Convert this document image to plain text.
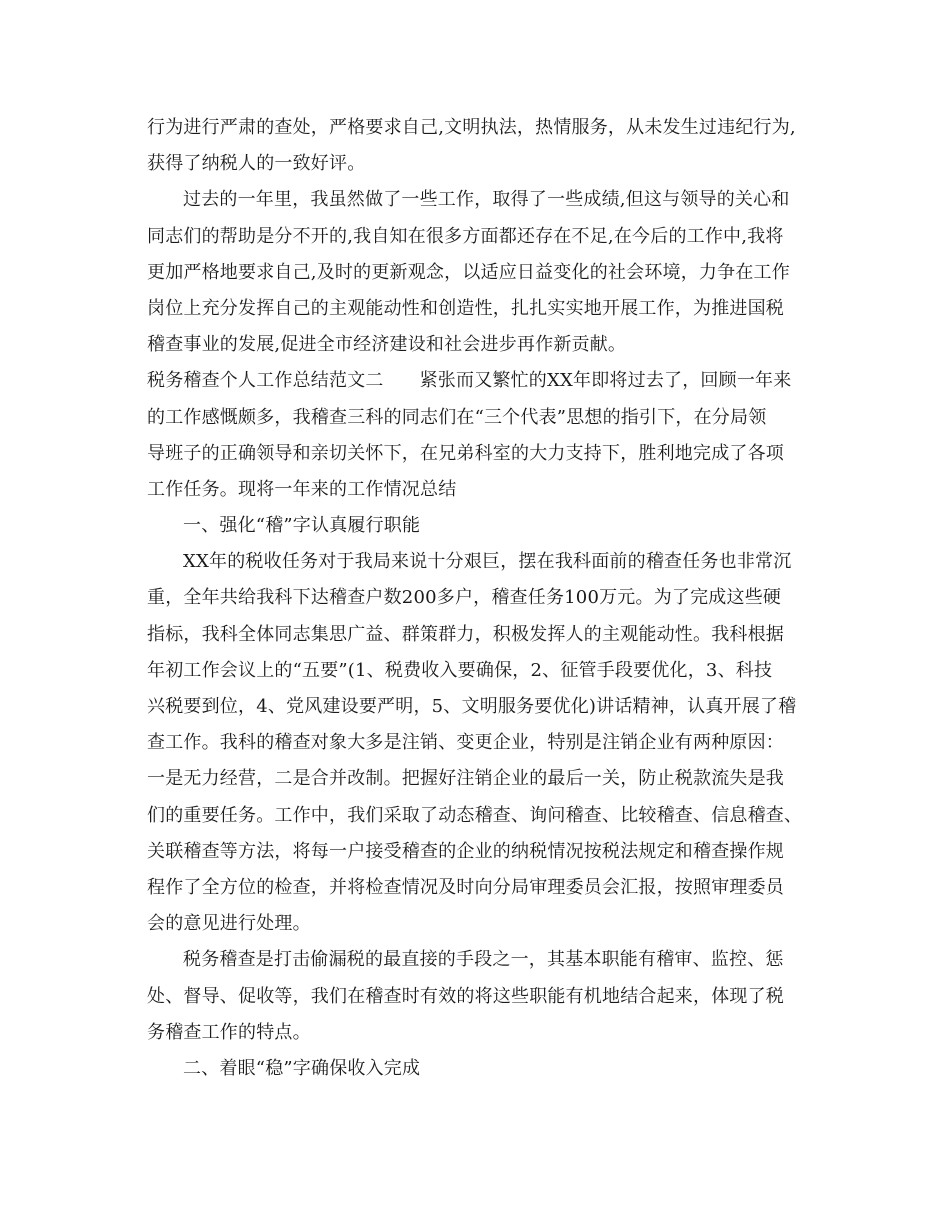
行为进行严肃的查处，严格要求自己,文明执法，热情服务，从未发生过违纪行为,
获得了纳税人的一致好评。
过去的一年里，我虽然做了一些工作，取得了一些成绩,但这与领导的关心和
同志们的帮助是分不开的,我自知在很多方面都还存在不足,在今后的工作中,我将
更加严格地要求自己,及时的更新观念，以适应日益变化的社会环境，力争在工作
岗位上充分发挥自己的主观能动性和创造性，扎扎实实地开展工作，为推进国税
稽查事业的发展,促进全市经济建设和社会进步再作新贡献。
税务稽查个人工作总结范文二 紧张而又繁忙的XX年即将过去了，回顾一年来
的工作感慨颇多，我稽查三科的同志们在“三个代表”思想的指引下，在分局领
导班子的正确领导和亲切关怀下，在兄弟科室的大力支持下，胜利地完成了各项
工作任务。现将一年来的工作情况总结
一、强化“稽”字认真履行职能
XX年的税收任务对于我局来说十分艰巨，摆在我科面前的稽查任务也非常沉
重，全年共给我科下达稽查户数200多户，稽查任务100万元。为了完成这些硬
指标，我科全体同志集思广益、群策群力，积极发挥人的主观能动性。我科根据
年初工作会议上的“五要”(1、税费收入要确保，2、征管手段要优化，3、科技
兴税要到位，4、党风建设要严明，5、文明服务要优化)讲话精神，认真开展了稽
查工作。我科的稽查对象大多是注销、变更企业，特别是注销企业有两种原因：
一是无力经营，二是合并改制。把握好注销企业的最后一关，防止税款流失是我
们的重要任务。工作中，我们采取了动态稽查、询问稽查、比较稽查、信息稽查、
关联稽查等方法，将每一户接受稽查的企业的纳税情况按税法规定和稽查操作规
程作了全方位的检查，并将检查情况及时向分局审理委员会汇报，按照审理委员
会的意见进行处理。
税务稽查是打击偷漏税的最直接的手段之一，其基本职能有稽审、监控、惩
处、督导、促收等，我们在稽查时有效的将这些职能有机地结合起来，体现了税
务稽查工作的特点。
二、着眼“稳”字确保收入完成
